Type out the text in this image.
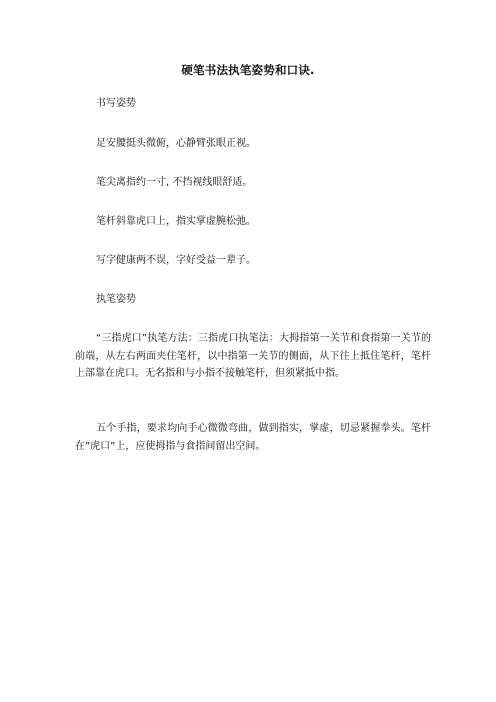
硬笔书法执笔姿势和口诀.
书写姿势
足安腰挺头微俯，心静臂张眼正视。
笔尖离指约一寸, 不挡视线眼舒适。
笔杆斜靠虎口上，指实掌虚腕松弛。
写字健康两不误，字好受益一辈子。
执笔姿势
“三指虎口”执笔方法：三指虎口执笔法：大拇指第一关节和食指第一关节的前端，从左右两面夹住笔杆，以中指第一关节的侧面，从下往上抵住笔杆，笔杆上部靠在虎口。无名指和与小指不接触笔杆，但须紧抵中指。
五个手指，要求均向手心微微弯曲，做到指实，掌虚，切忌紧握拳头。笔杆在”虎口”上，应使拇指与食指间留出空间。
